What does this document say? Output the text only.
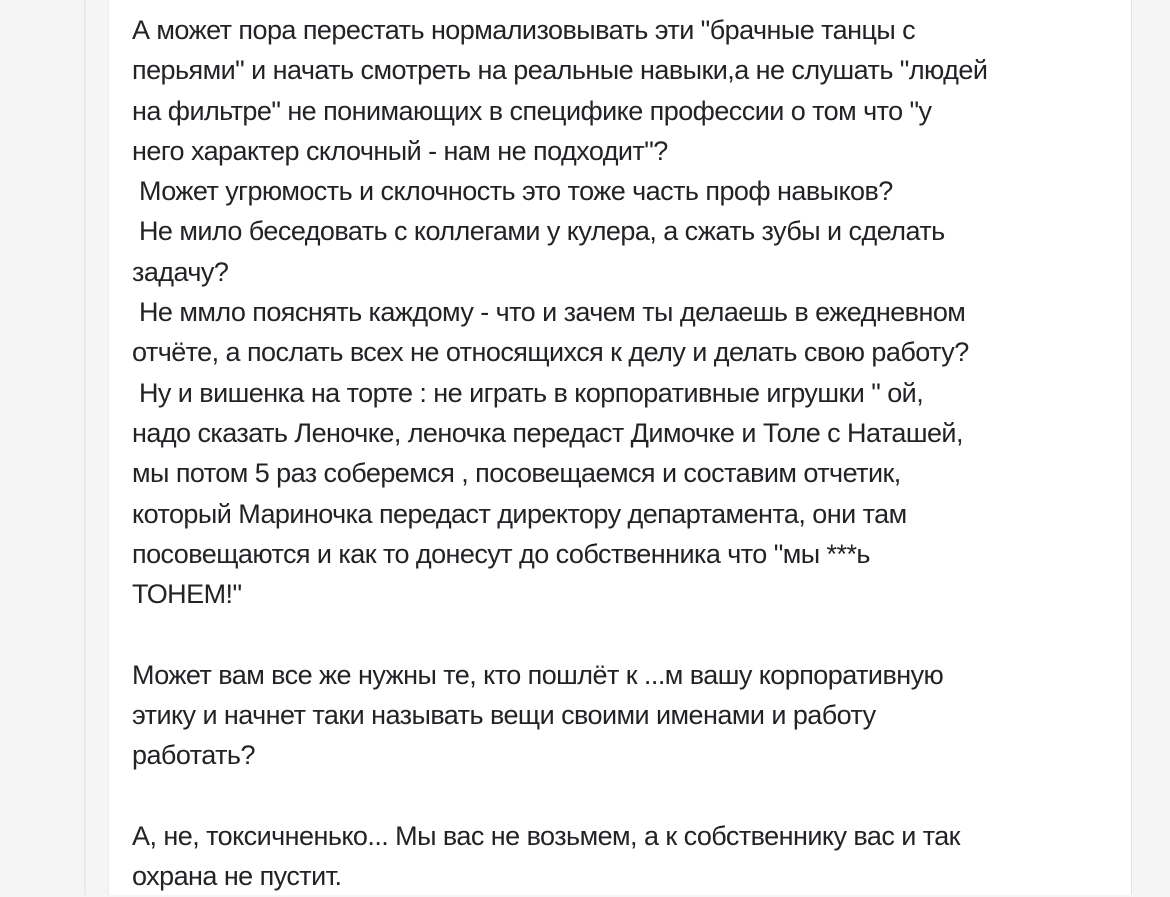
А может пора перестать нормализовывать эти "брачные танцы с
перьями" и начать смотреть на реальные навыки,а не слушать "людей
на фильтре" не понимающих в специфике профессии о том что "у
него характер склочный - нам не подходит"?
Может угрюмость и склочность это тоже часть проф навыков?
Не мило беседовать с коллегами у кулера, а сжать зубы и сделать
задачу?
Не ммло пояснять каждому - что и зачем ты делаешь в ежедневном
отчёте, а послать всех не относящихся к делу и делать свою работу?
Ну и вишенка на торте : не играть в корпоративные игрушки " ой,
надо сказать Леночке, леночка передаст Димочке и Толе с Наташей,
мы потом 5 раз соберемся , посовещаемся и составим отчетик,
который Мариночка передаст директору департамента, они там
посовещаются и как то донесут до собственника что "мы ***ь
ТОНЕМ!"
Может вам все же нужны те, кто пошлёт к ...м вашу корпоративную
этику и начнет таки называть вещи своими именами и работу
работать?
А, не, токсичненько... Мы вас не возьмем, а к собственнику вас и так
охрана не пустит.
